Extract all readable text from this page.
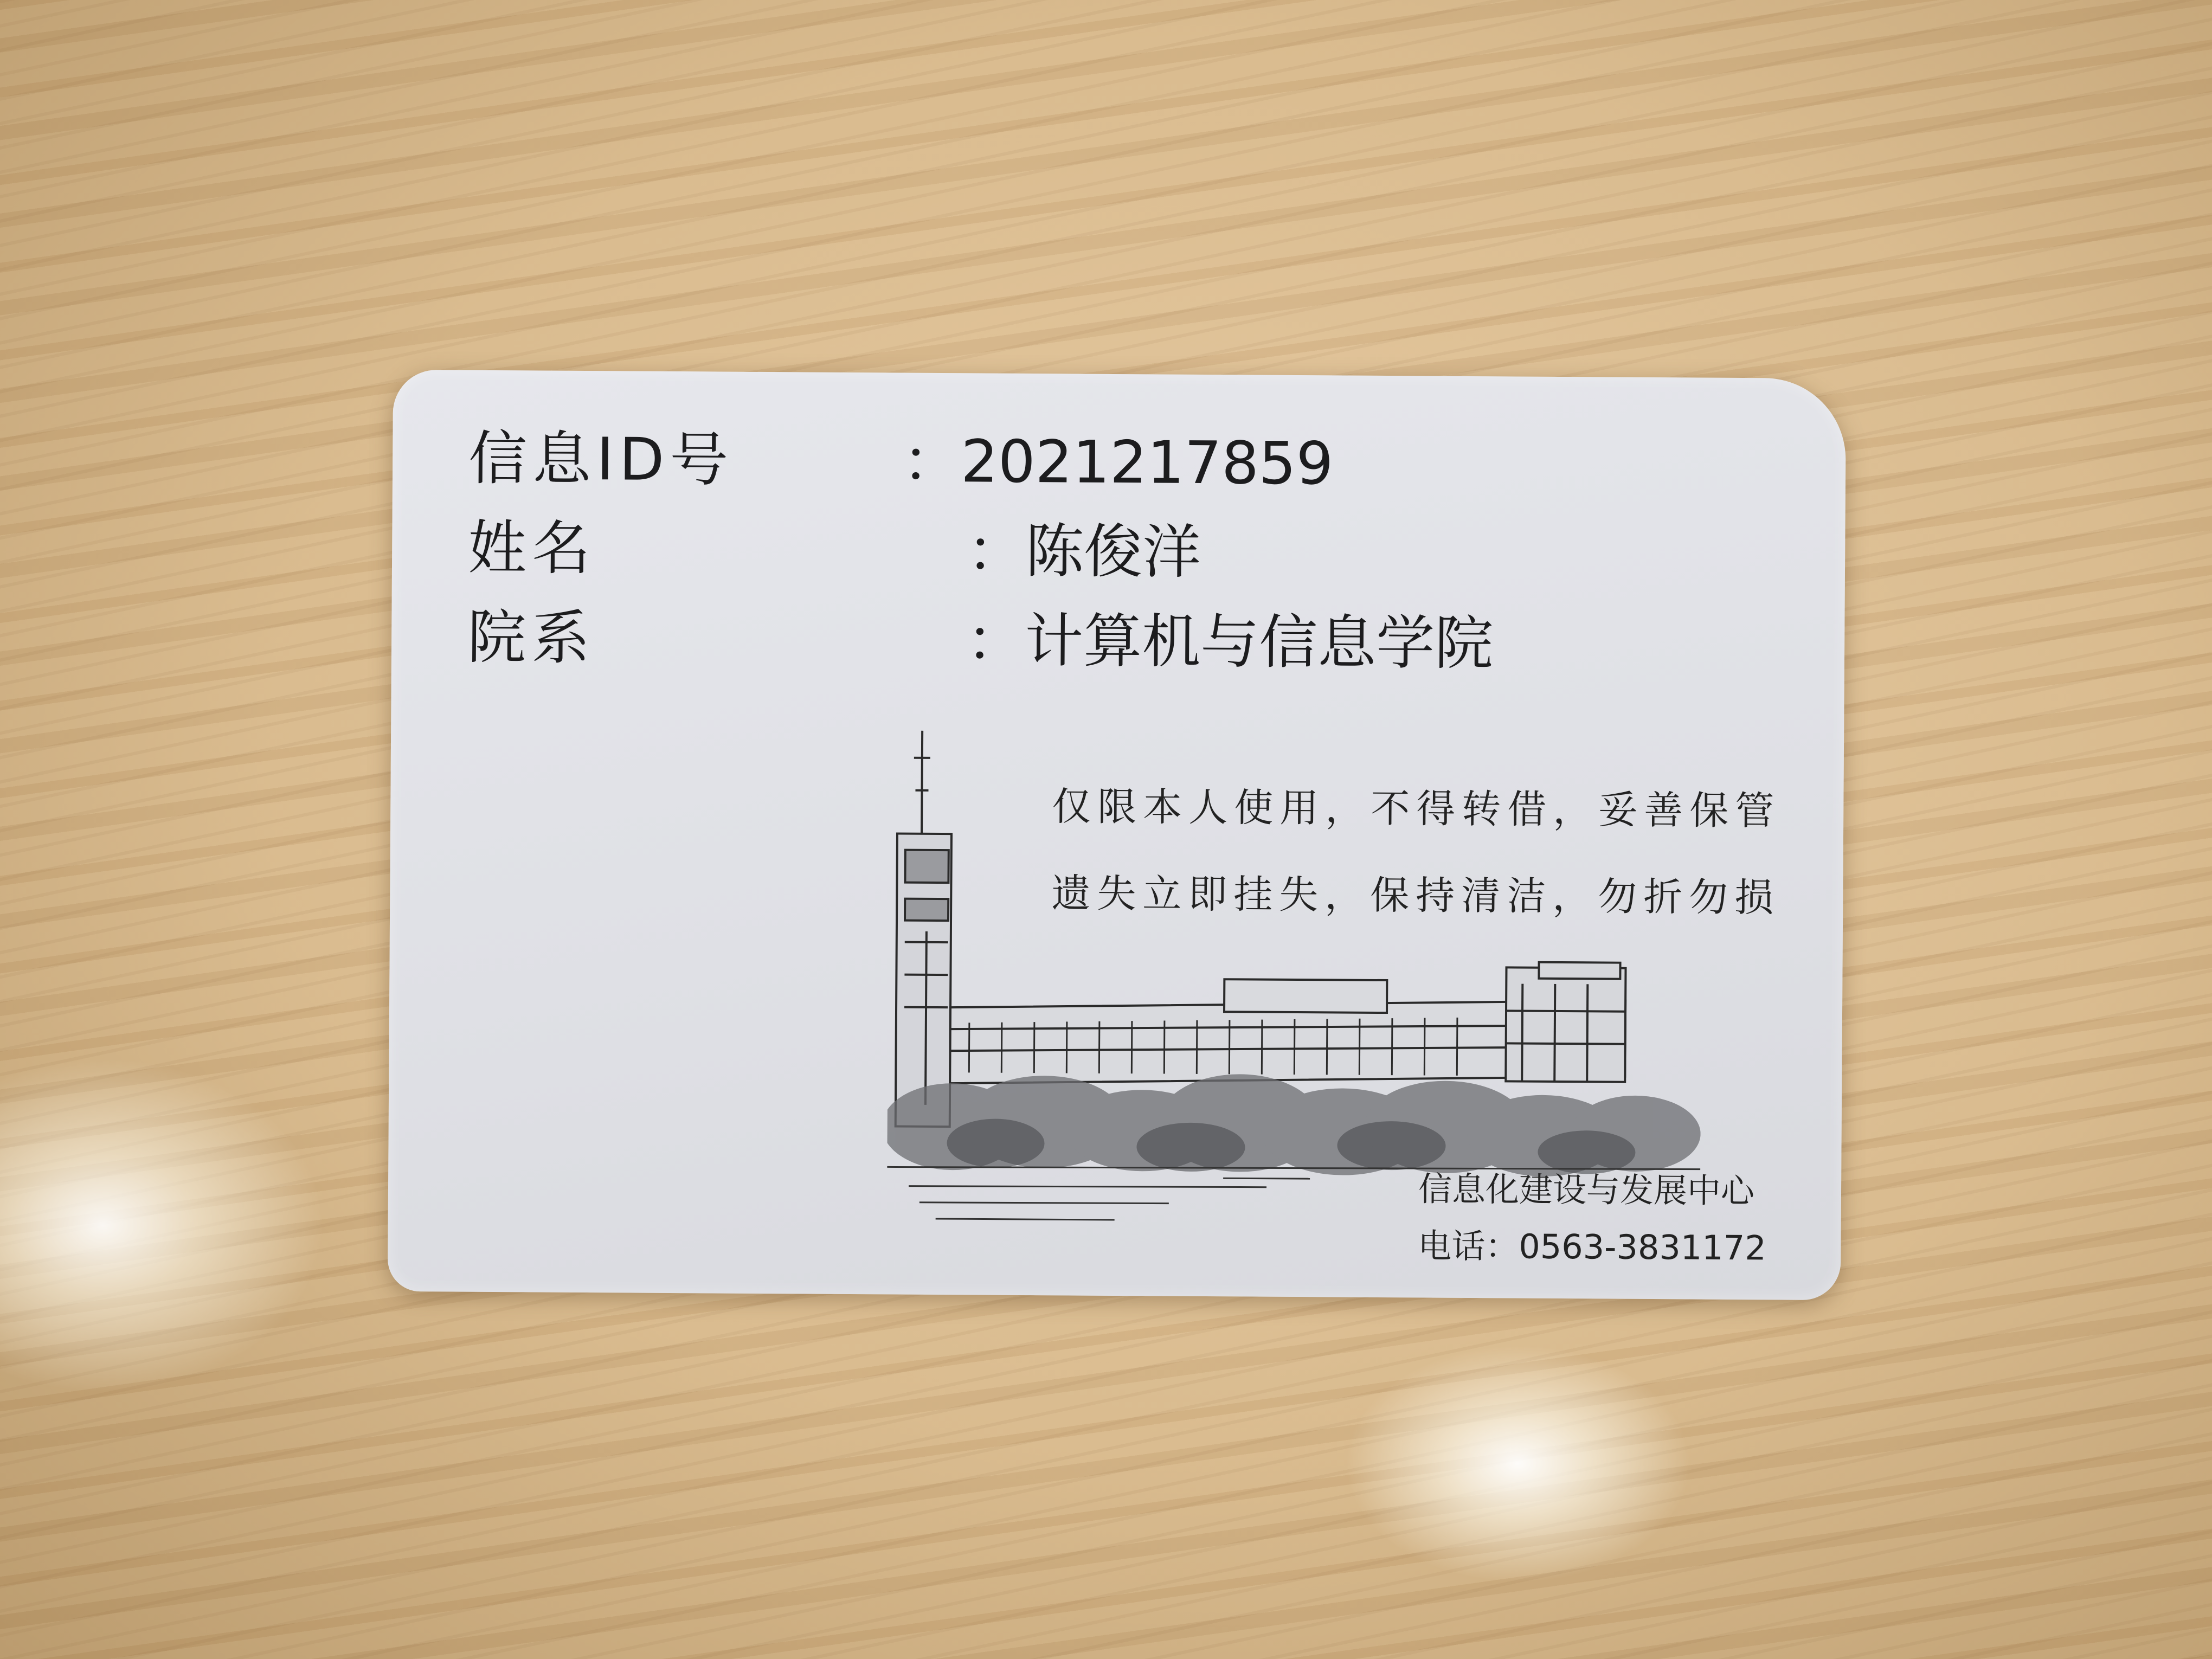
信息ID号	：2021217859
姓名	：陈俊洋
院系	：计算机与信息学院
仅限本人使用，不得转借，妥善保管
遗失立即挂失，保持清洁，勿折勿损
信息化建设与发展中心
电话：0563-3831172
